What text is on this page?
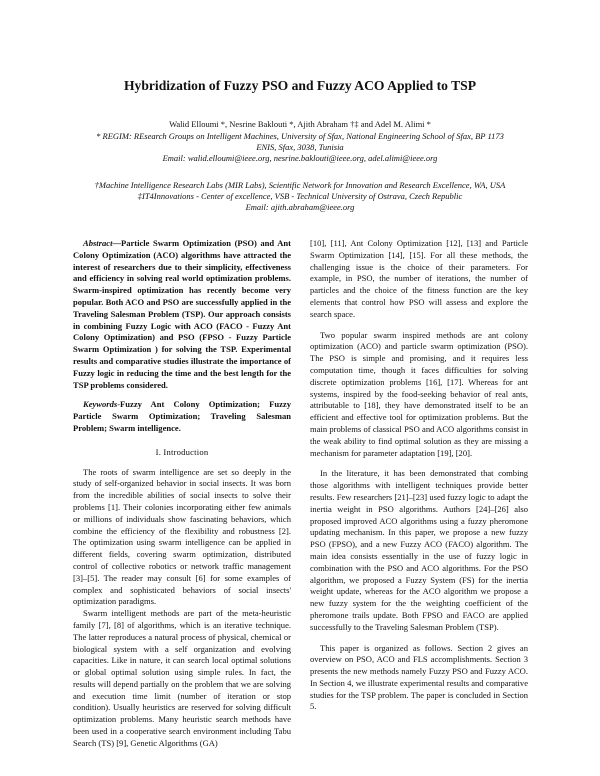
Hybridization of Fuzzy PSO and Fuzzy ACO Applied to TSP

Walid Elloumi *, Nesrine Baklouti *, Ajith Abraham †‡ and Adel M. Alimi *

* REGIM: REsearch Groups on Intelligent Machines, University of Sfax, National Engineering School of Sfax, BP 1173

ENIS, Sfax, 3038, Tunisia

Email: walid.elloumi@ieee.org, nesrine.baklouti@ieee.org, adel.alimi@ieee.org

†Machine Intelligence Research Labs (MIR Labs), Scientific Network for Innovation and Research Excellence, WA, USA

‡IT4Innovations - Center of excellence, VSB - Technical University of Ostrava, Czech Republic

Email: ajith.abraham@ieee.org

Abstract—Particle Swarm Optimization (PSO) and Ant Colony Optimization (ACO) algorithms have attracted the interest of researchers due to their simplicity, effectiveness and efficiency in solving real world optimization problems. Swarm-inspired optimization has recently become very popular. Both ACO and PSO are successfully applied in the Traveling Salesman Problem (TSP). Our approach consists in combining Fuzzy Logic with ACO (FACO - Fuzzy Ant Colony Optimization) and PSO (FPSO - Fuzzy Particle Swarm Optimization ) for solving the TSP. Experimental results and comparative studies illustrate the importance of Fuzzy logic in reducing the time and the best length for the TSP problems considered.

Keywords-Fuzzy Ant Colony Optimization; Fuzzy Particle Swarm Optimization; Traveling Salesman Problem; Swarm intelligence.

I. Introduction

The roots of swarm intelligence are set so deeply in the study of self-organized behavior in social insects. It was born from the incredible abilities of social insects to solve their problems [1]. Their colonies incorporating either few animals or millions of individuals show fascinating behaviors, which combine the efficiency of the flexibility and robustness [2]. The optimization using swarm intelligence can be applied in different fields, covering swarm optimization, distributed control of collective robotics or network traffic management [3]–[5]. The reader may consult [6] for some examples of complex and sophisticated behaviors of social insects' optimization paradigms.

Swarm intelligent methods are part of the meta-heuristic family [7], [8] of algorithms, which is an iterative technique. The latter reproduces a natural process of physical, chemical or biological system with a self organization and evolving capacities. Like in nature, it can search local optimal solutions or global optimal solution using simple rules. In fact, the results will depend partially on the problem that we are solving and execution time limit (number of iteration or stop condition). Usually heuristics are reserved for solving difficult optimization problems. Many heuristic search methods have been used in a cooperative search environment including Tabu Search (TS) [9], Genetic Algorithms (GA)

[10], [11], Ant Colony Optimization [12], [13] and Particle Swarm Optimization [14], [15]. For all these methods, the challenging issue is the choice of their parameters. For example, in PSO, the number of iterations, the number of particles and the choice of the fitness function are the key elements that control how PSO will assess and explore the search space.

Two popular swarm inspired methods are ant colony optimization (ACO) and particle swarm optimization (PSO). The PSO is simple and promising, and it requires less computation time, though it faces difficulties for solving discrete optimization problems [16], [17]. Whereas for ant systems, inspired by the food-seeking behavior of real ants, attributable to [18], they have demonstrated itself to be an efficient and effective tool for optimization problems. But the main problems of classical PSO and ACO algorithms consist in the weak ability to find optimal solution as they are missing a mechanism for parameter adaptation [19], [20].

In the literature, it has been demonstrated that combing those algorithms with intelligent techniques provide better results. Few researchers [21]–[23] used fuzzy logic to adapt the inertia weight in PSO algorithms. Authors [24]–[26] also proposed improved ACO algorithms using a fuzzy pheromone updating mechanism. In this paper, we propose a new fuzzy PSO (FPSO), and a new Fuzzy ACO (FACO) algorithm. The main idea consists essentially in the use of fuzzy logic in combination with the PSO and ACO algorithms. For the PSO algorithm, we proposed a Fuzzy System (FS) for the inertia weight update, whereas for the ACO algorithm we propose a new fuzzy system for the the weighting coefficient of the pheromone trails update. Both FPSO and FACO are applied successfully to the Traveling Salesman Problem (TSP).

This paper is organized as follows. Section 2 gives an overview on PSO, ACO and FLS accomplishments. Section 3 presents the new methods namely Fuzzy PSO and Fuzzy ACO. In Section 4, we illustrate experimental results and comparative studies for the TSP problem. The paper is concluded in Section 5.
